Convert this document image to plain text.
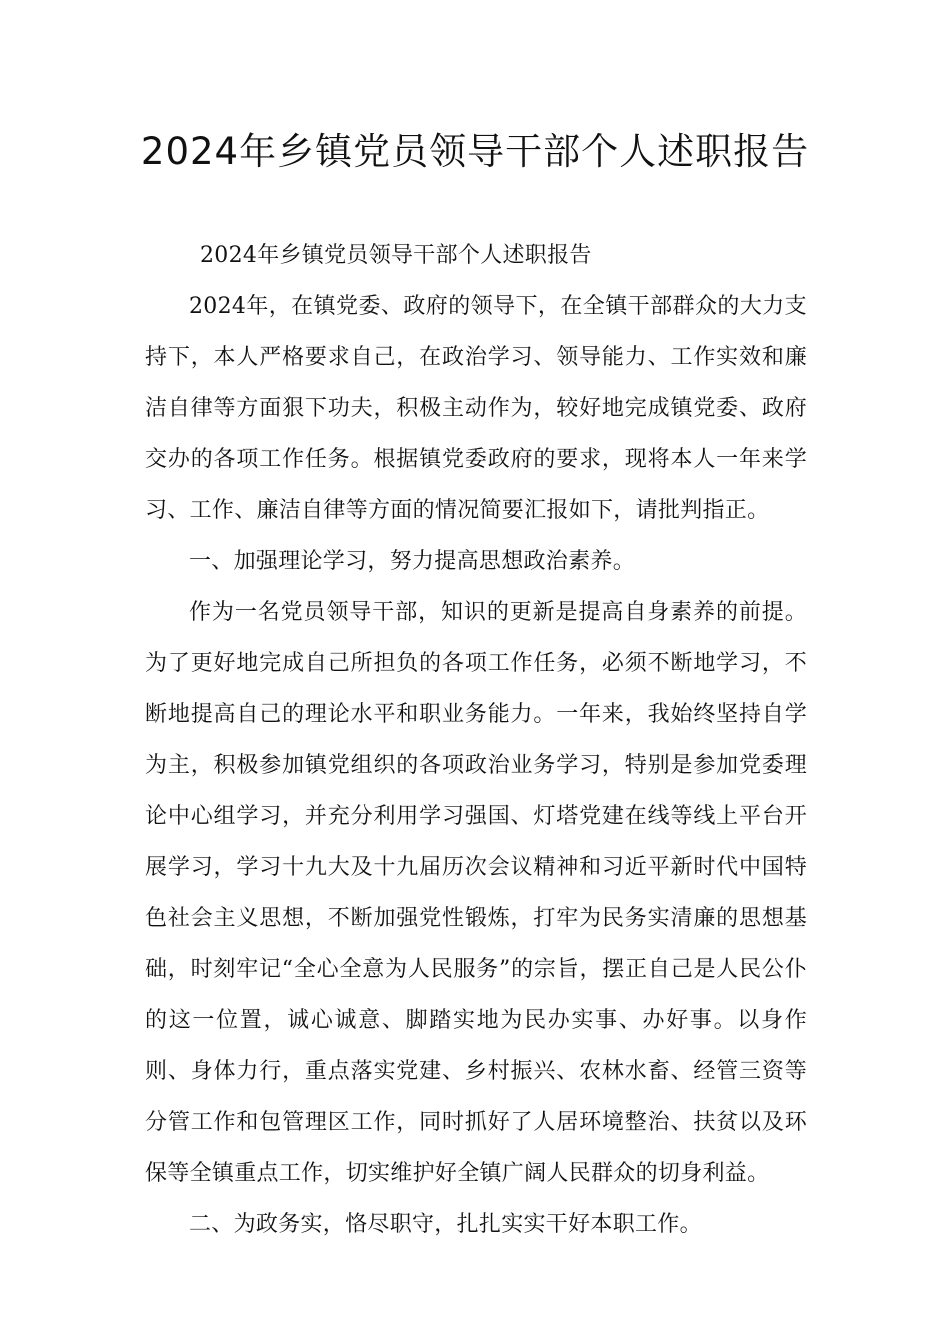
2024年乡镇党员领导干部个人述职报告

2024年乡镇党员领导干部个人述职报告

2024年，在镇党委、政府的领导下，在全镇干部群众的大力支持下，本人严格要求自己，在政治学习、领导能力、工作实效和廉洁自律等方面狠下功夫，积极主动作为，较好地完成镇党委、政府交办的各项工作任务。根据镇党委政府的要求，现将本人一年来学习、工作、廉洁自律等方面的情况简要汇报如下，请批判指正。

一、加强理论学习，努力提高思想政治素养。

作为一名党员领导干部，知识的更新是提高自身素养的前提。为了更好地完成自己所担负的各项工作任务，必须不断地学习，不断地提高自己的理论水平和职业务能力。一年来，我始终坚持自学为主，积极参加镇党组织的各项政治业务学习，特别是参加党委理论中心组学习，并充分利用学习强国、灯塔党建在线等线上平台开展学习，学习十九大及十九届历次会议精神和习近平新时代中国特色社会主义思想，不断加强党性锻炼，打牢为民务实清廉的思想基础，时刻牢记“全心全意为人民服务”的宗旨，摆正自己是人民公仆的这一位置，诚心诚意、脚踏实地为民办实事、办好事。以身作则、身体力行，重点落实党建、乡村振兴、农林水畜、经管三资等分管工作和包管理区工作，同时抓好了人居环境整治、扶贫以及环保等全镇重点工作，切实维护好全镇广阔人民群众的切身利益。

二、为政务实，恪尽职守，扎扎实实干好本职工作。
